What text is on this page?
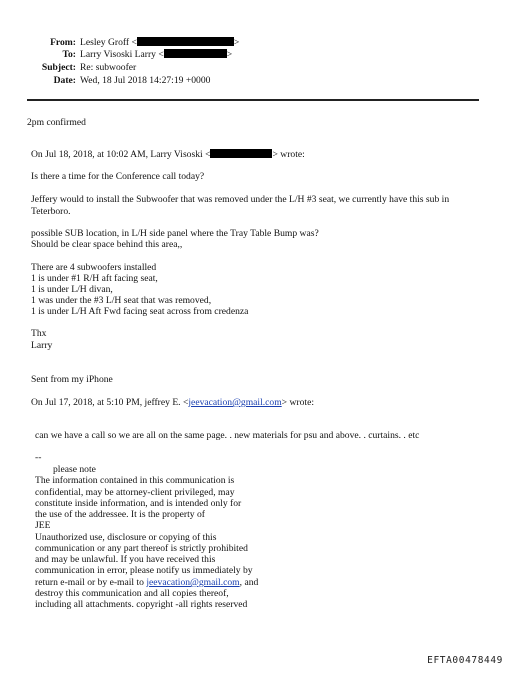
From: Lesley Groff <	>
To: Larry Visoski Larry <	>
Subject: Re: subwoofer
Date: Wed, 18 Jul 2018 14:27:19 +0000
2pm confirmed
On Jul 18, 2018, at 10:02 AM, Larry Visoski <	> wrote:
Is there a time for the Conference call today?
Jeffery would to install the Subwoofer that was removed under the L/H #3 seat, we currently have this sub in
Teterboro.
possible SUB location, in L/H side panel where the Tray Table Bump was?
Should be clear space behind this area,,
There are 4 subwoofers installed
1 is under #1 R/H aft facing seat,
1 is under L/H divan,
1 was under the #3 L/H seat that was removed,
1 is under L/H Aft Fwd facing seat across from credenza
Thx
Larry
Sent from my iPhone
On Jul 17, 2018, at 5:10 PM, jeffrey E. <jeevacation@gmail.com> wrote:
can we have a call so we are all on the same page. . new materials for psu and above. . curtains. . etc
--
please note
The information contained in this communication is
confidential, may be attorney-client privileged, may
constitute inside information, and is intended only for
the use of the addressee. It is the property of
JEE
Unauthorized use, disclosure or copying of this
communication or any part thereof is strictly prohibited
and may be unlawful. If you have received this
communication in error, please notify us immediately by
return e-mail or by e-mail to jeevacation@gmail.com, and
destroy this communication and all copies thereof,
including all attachments. copyright -all rights reserved
EFTA00478449
